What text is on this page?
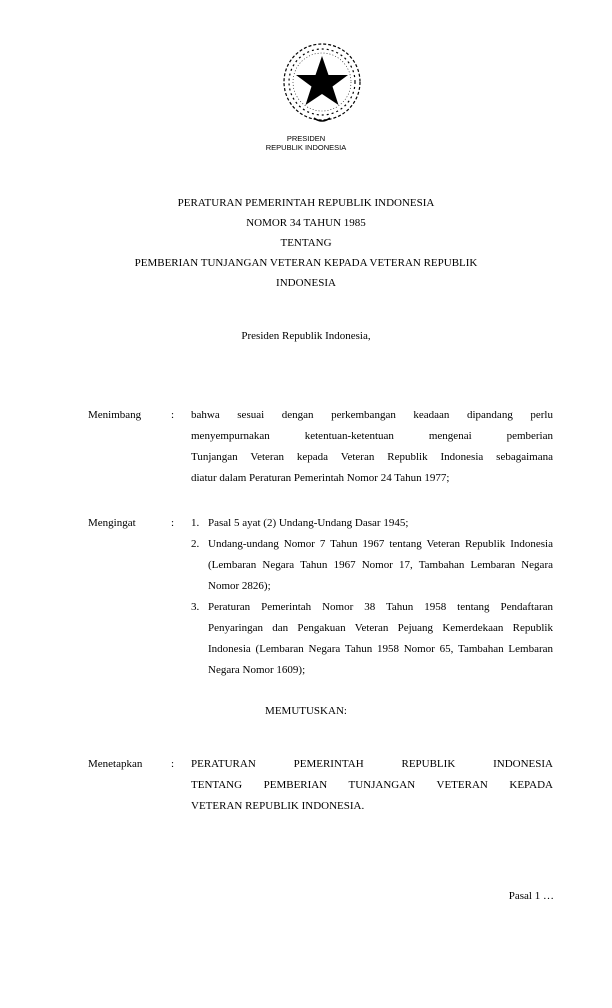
PRESIDEN
REPUBLIK INDONESIA
PERATURAN PEMERINTAH REPUBLIK INDONESIA
NOMOR 34 TAHUN 1985
TENTANG
PEMBERIAN TUNJANGAN VETERAN KEPADA VETERAN REPUBLIK
INDONESIA
Presiden Republik Indonesia,
Menimbang	: bahwa sesuai dengan perkembangan keadaan dipandang perlu

menyempurnakan ketentuan-ketentuan mengenai pemberian

Tunjangan Veteran kepada Veteran Republik Indonesia sebagaimana

diatur dalam Peraturan Pemerintah Nomor 24 Tahun 1977;

Mengingat	: 1. Pasal 5 ayat (2) Undang-Undang Dasar 1945;
2. Undang-undang Nomor 7 Tahun 1967 tentang Veteran Republik Indonesia (Lembaran Negara Tahun 1967 Nomor 17, Tambahan Lembaran Negara Nomor 2826);
3. Peraturan Pemerintah Nomor 38 Tahun 1958 tentang Pendaftaran Penyaringan dan Pengakuan Veteran Pejuang Kemerdekaan Republik Indonesia (Lembaran Negara Tahun 1958 Nomor 65, Tambahan Lembaran Negara Nomor 1609);
MEMUTUSKAN:
Menetapkan	: PERATURAN PEMERINTAH REPUBLIK INDONESIA

TENTANG PEMBERIAN TUNJANGAN VETERAN KEPADA

VETERAN REPUBLIK INDONESIA.

Pasal 1 …
